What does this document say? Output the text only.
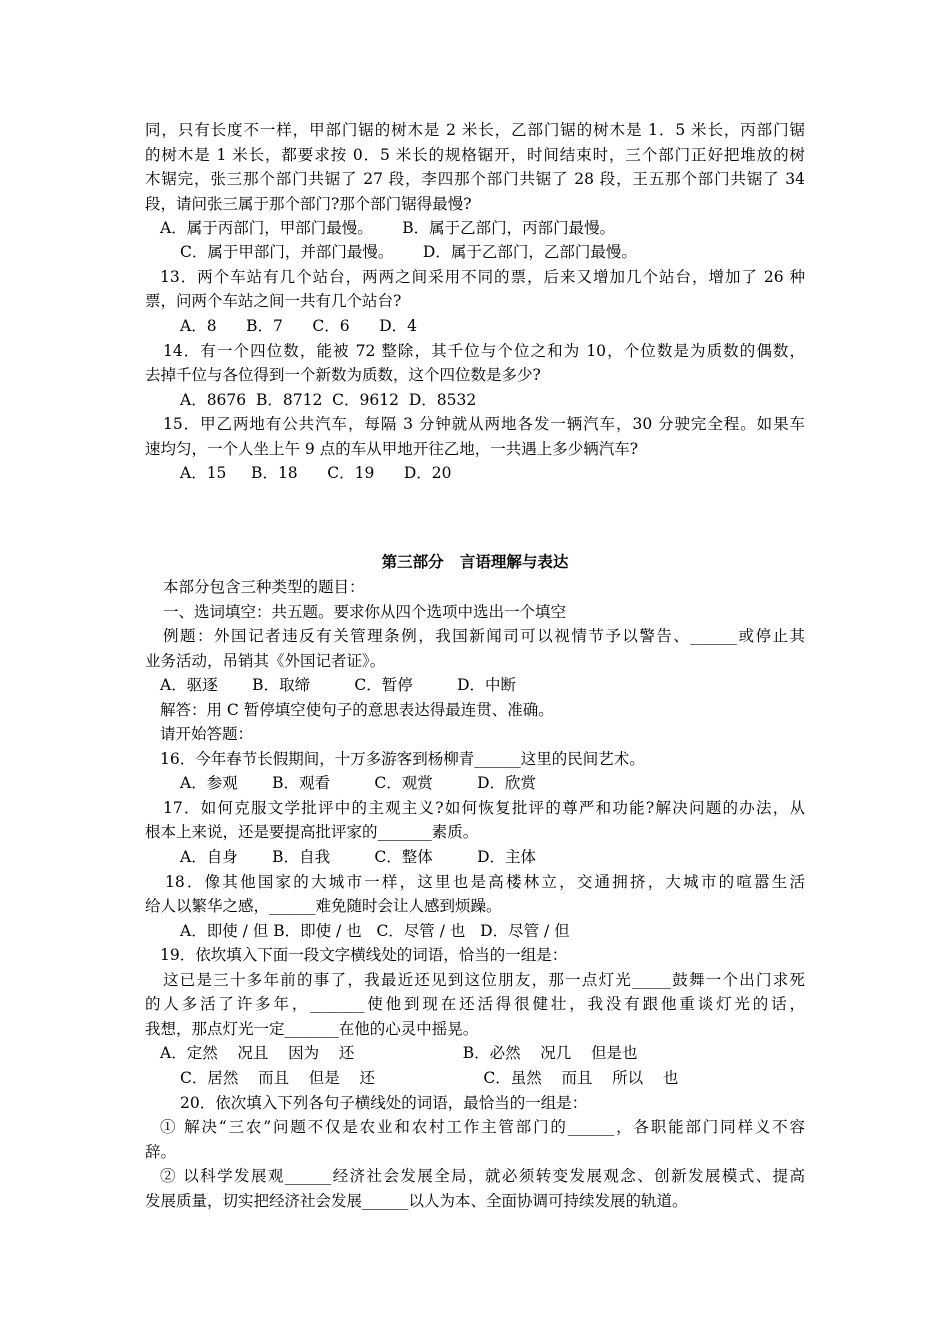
同，只有长度不一样，甲部门锯的树木是 2 米长，乙部门锯的树木是 1．5 米长，丙部门锯
的树木是 1 米长，都要求按 0．5 米长的规格锯开，时间结束时，三个部门正好把堆放的树
木锯完，张三那个部门共锯了 27 段，李四那个部门共锯了 28 段，王五那个部门共锯了 34
段，请问张三属于那个部门?那个部门锯得最慢?
A．属于丙部门，甲部门最慢。      B．属于乙部门，丙部门最慢。
C．属于甲部门，并部门最慢。      D．属于乙部门，乙部门最慢。
13．两个车站有几个站台，两两之间采用不同的票，后来又增加几个站台，增加了 26 种
票，问两个车站之间一共有几个站台?
A．8      B．7      C．6      D．4
14．有一个四位数，能被 72 整除，其千位与个位之和为 10，个位数是为质数的偶数，
去掉千位与各位得到一个新数为质数，这个四位数是多少?
A．8676  B．8712  C．9612  D．8532
15．甲乙两地有公共汽车，每隔 3 分钟就从两地各发一辆汽车，30 分驶完全程。如果车
速均匀，一个人坐上午 9 点的车从甲地开往乙地，一共遇上多少辆汽车?
A．15     B．18      C．19      D．20
第三部分   言语理解与表达
本部分包含三种类型的题目：
一、选词填空：共五题。要求你从四个选项中选出一个填空
例题：外国记者违反有关管理条例，我国新闻司可以视情节予以警告、______或停止其
业务活动，吊销其《外国记者证》。
A．驱逐       B．取缔         C．暂停         D．中断
解答：用 C 暂停填空使句子的意思表达得最连贯、准确。
请开始答题：
16．今年春节长假期间，十万多游客到杨柳青______这里的民间艺术。
A．参观       B．观看         C．观赏         D．欣赏
17．如何克服文学批评中的主观主义?如何恢复批评的尊严和功能?解决问题的办法，从
根本上来说，还是要提高批评家的_______素质。
A．自身       B．自我         C．整体         D．主体
18．像其他国家的大城市一样，这里也是高楼林立，交通拥挤，大城市的喧嚣生活
给人以繁华之感，______难免随时会让人感到烦躁。
A．即使 / 但 B．即使 / 也   C．尽管 / 也   D．尽管 / 但
19．依坎填入下面一段文字横线处的词语，恰当的一组是：
这已是三十多年前的事了，我最近还见到这位朋友，那一点灯光_____鼓舞一个出门求死
的人多活了许多年，_______使他到现在还活得很健壮，我没有跟他重谈灯光的话，
我想，那点灯光一定_______在他的心灵中摇晃。
A．定然    况且    因为    还                      B．必然    况几    但是也
C．居然    而且    但是    还                      C．虽然    而且    所以    也
20．依次填入下列各句子横线处的词语，最恰当的一组是：
① 解决“三农”问题不仅是农业和农村工作主管部门的______，各职能部门同样义不容
辞。
② 以科学发展观______经济社会发展全局，就必须转变发展观念、创新发展模式、提高
发展质量，切实把经济社会发展______以人为本、全面协调可持续发展的轨道。
